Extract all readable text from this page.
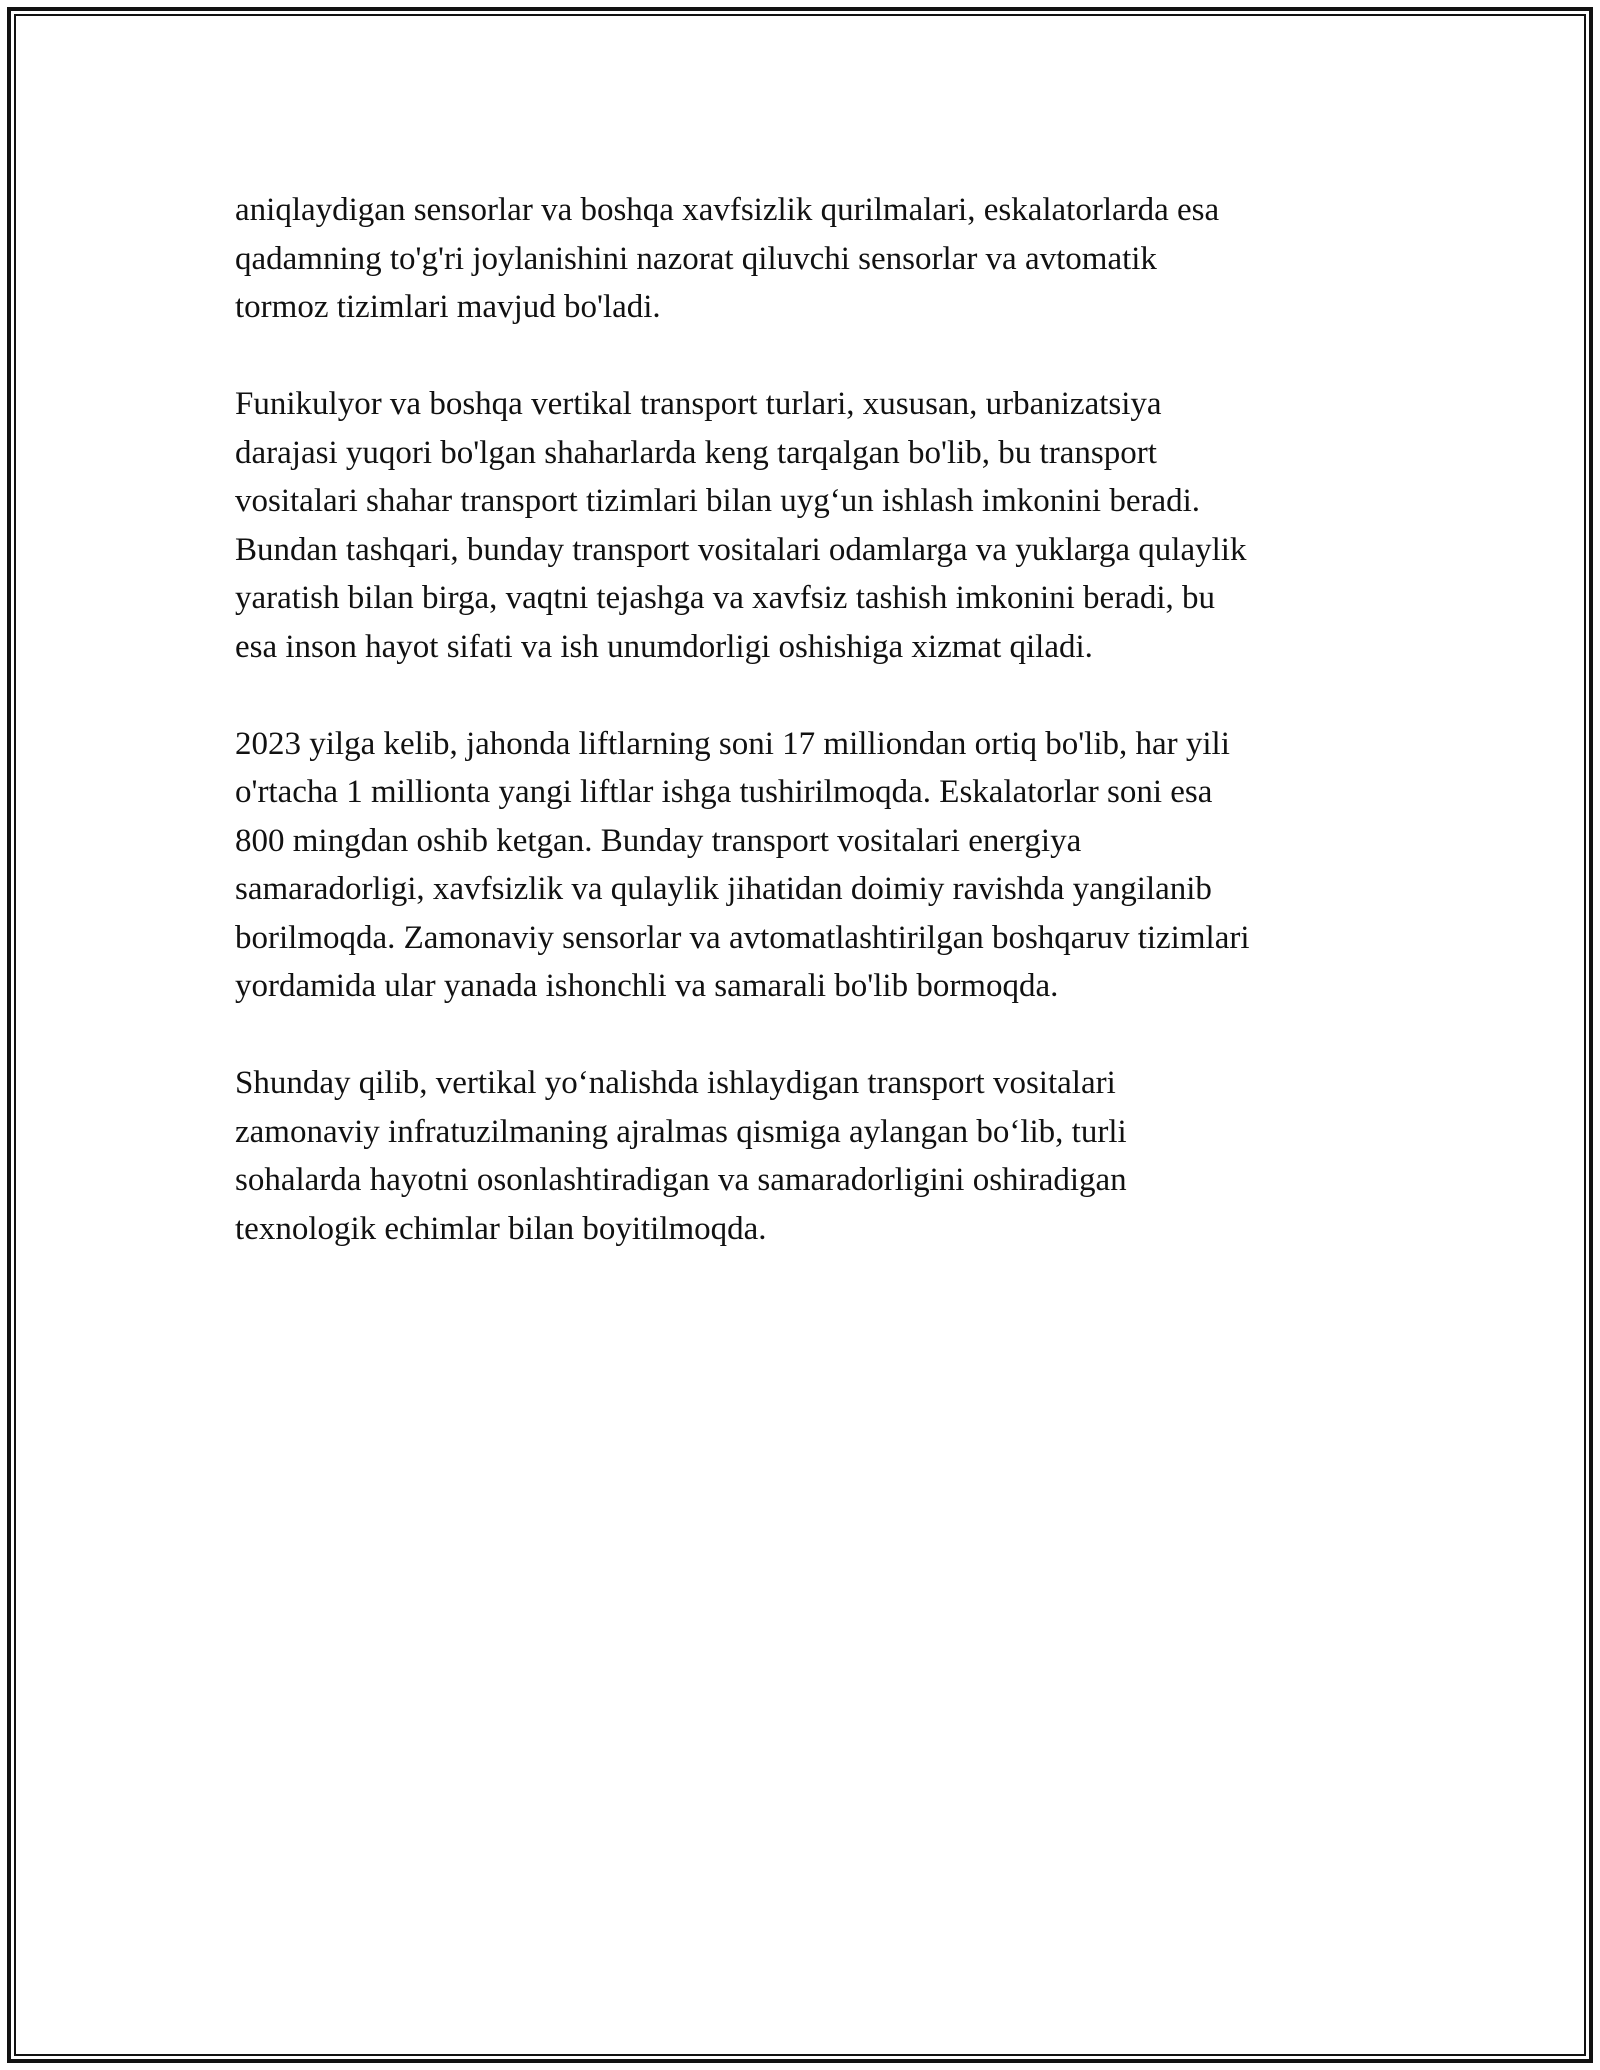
aniqlaydigan sensorlar va boshqa xavfsizlik qurilmalari, eskalatorlarda esa
qadamning to'g'ri joylanishini nazorat qiluvchi sensorlar va avtomatik
tormoz tizimlari mavjud bo'ladi.

Funikulyor va boshqa vertikal transport turlari, xususan, urbanizatsiya
darajasi yuqori bo'lgan shaharlarda keng tarqalgan bo'lib, bu transport
vositalari shahar transport tizimlari bilan uyg‘un ishlash imkonini beradi.
Bundan tashqari, bunday transport vositalari odamlarga va yuklarga qulaylik
yaratish bilan birga, vaqtni tejashga va xavfsiz tashish imkonini beradi, bu
esa inson hayot sifati va ish unumdorligi oshishiga xizmat qiladi.

2023 yilga kelib, jahonda liftlarning soni 17 milliondan ortiq bo'lib, har yili
o'rtacha 1 millionta yangi liftlar ishga tushirilmoqda. Eskalatorlar soni esa
800 mingdan oshib ketgan. Bunday transport vositalari energiya
samaradorligi, xavfsizlik va qulaylik jihatidan doimiy ravishda yangilanib
borilmoqda. Zamonaviy sensorlar va avtomatlashtirilgan boshqaruv tizimlari
yordamida ular yanada ishonchli va samarali bo'lib bormoqda.

Shunday qilib, vertikal yo‘nalishda ishlaydigan transport vositalari
zamonaviy infratuzilmaning ajralmas qismiga aylangan bo‘lib, turli
sohalarda hayotni osonlashtiradigan va samaradorligini oshiradigan
texnologik echimlar bilan boyitilmoqda.
